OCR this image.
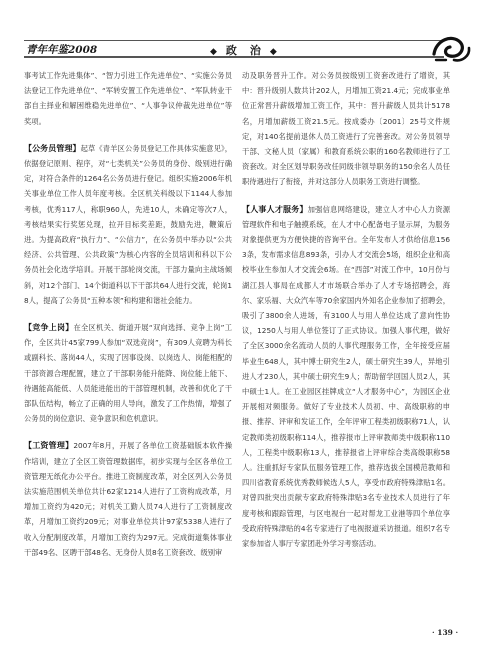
青年年鉴2008	◆ 政　治 ◆

事考试工作先进集体”、“智力引进工作先进单位”、“实施公务员法登记工作先进单位”、“军转安置工作先进单位”、“军队转业干部自主择业和解困维稳先进单位”、“人事争议仲裁先进单位”等奖项。

【公务员管理】起草《青羊区公务员登记工作具体实施意见》，依据登记原则、程序，对“七类机关”公务员的身份、级别进行确定，对符合条件的1264名公务员进行登记。组织实施2006年机关事业单位工作人员年度考核。全区机关科级以下1144人参加考核，优秀117人，称职960人，先进10人，未确定等次7人，考核结果实行奖惩兑现，拉开目标奖差距，鼓励先进，鞭策后进。为提高政府“执行力”、“公信力”，在公务员中举办以“公共经济、公共管理、公共政策”为核心内容的全员培训和科以下公务员社会化选学培训。开展干部轮岗交流，干部力量向主战场倾斜，对12个部门、14个街道科以下干部共64人进行交流，轮岗18人，提高了公务员“五种本领”和构建和谐社会能力。

【竞争上岗】在全区机关、街道开展“双向选择、竞争上岗”工作，全区共计45家799人参加“双选竞岗”，有309人竞聘为科长或副科长、落岗44人，实现了因事设岗、以岗选人、岗能相配的干部资源合理配置，建立了干部职务能升能降、岗位能上能下、待遇能高能低、人员能进能出的干部管理机制，改善和优化了干部队伍结构，畅立了正确的用人导向，激发了工作热情，增强了公务员的岗位意识、竞争意识和危机意识。

【工资管理】2007年8月，开展了各单位工资基础版本软件操作培训，建立了全区工资管理数据库，初步实现与全区各单位工资管理无纸化办公平台。推进工资制度改革，对全区列入公务员法实施范围机关单位共计62家1214人进行了工资构成改革，月增加工资约为420元；对机关工勤人员74人进行了工资制度改革，月增加工资约209元；对事业单位共计97家5338人进行了收入分配制度改革，月增加工资约为297元。完成街道集体事业干部49名、区聘干部48名、无身份人员8名工资套改、级别审

动及职务晋升工作。对公务员按级别工资套改进行了增资，其中：晋升级别人数共计202人，月增加工资21.4元；完成事业单位正常晋升薪级增加工资工作，其中：晋升薪级人员共计5178名，月增加薪级工资21.5元。按成委办〔2001〕25号文件规定，对140名提前退休人员工资进行了完善套改。对公务员领导干部、文秘人员（家属）和教育系统公职的160名教师进行了工资套改。对全区划导职务改任同级非领导职务的150余名人员任职待遇进行了衔接，并对这部分人员职务工资进行调整。

【人事人才服务】加强信息网络建设，建立人才中心人力资源管理软件和电子触摸系统，在人才中心配备电子显示屏，为服务对象提供更为方便快捷的咨询平台。全年发布人才供给信息1563条，发布需求信息893条，引办人才交流会5场，组织企业和高校毕业生参加人才交流会6场。在“西部”对流工作中，10月份与湖江县人事局在成都人才市场联合举办了人才专场招聘会，海尔、家乐福、大众汽车等70余家国内外知名企业参加了招聘会，吸引了3800余人进场，有3100人与用人单位达成了意向性协议，1250人与用人单位签订了正式协议。加强人事代理，做好了全区3000余名流动人员的人事代理服务工作，全年接受应届毕业生648人，其中博士研究生2人，硕士研究生39人，异地引进人才230人，其中硕士研究生9人；帮助留学回国人员2人，其中硕士1人。在工业园区挂牌成立“人才服务中心”，为园区企业开展相对频服务。做好了专业技术人员初、中、高级职称的申报、推荐、评审和发证工作，全年评审工程类初级职称71人，认定教师类初级职称114人，推荐报市上评审教师类中级职称110人，工程类中级职称13人，推荐报省上评审综合类高级职称58人。注重抓好专家队伍服务管理工作，推荐选拔全国模范教师和四川省教育系统优秀教师候选人5人，享受市政府特殊津贴1名。对曾四批突出贡献专家政府特殊津贴3名专业技术人员进行了年度考核和跟踪管理，与区电视台一起对帮龙工业港等四个单位享受政府特殊津贴的4名专家进行了电视报道采访报道。组织7名专家参加省人事厅专家团赴外学习考察活动。

· 139 ·
